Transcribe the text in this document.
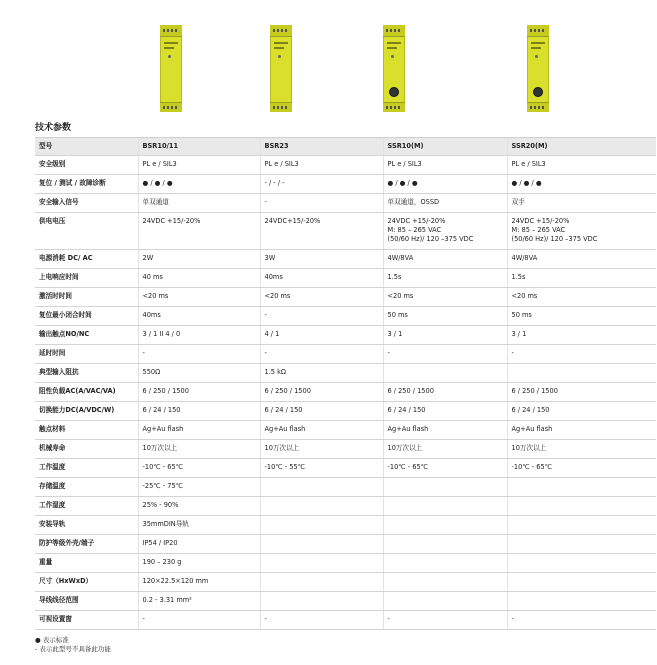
技术参数
型号	BSR10/11	BSR23	SSR10(M)	SSR20(M)
安全级别	PL e / SIL3	PL e / SIL3	PL e / SIL3	PL e / SIL3
复位 / 测试 / 故障诊断	● / ● / ●	- / - / -	● / ● / ●	● / ● / ●
安全输入信号	单双通道	-	单双通道，OSSD	双手
供电电压	24VDC +15/-20%	24VDC+15/-20%	24VDC +15/-20%
M: 85 – 265 VAC
(50/60 Hz)/ 120 –375 VDC	24VDC +15/-20%
M: 85 – 265 VAC
(50/60 Hz)/ 120 –375 VDC
电源消耗 DC/ AC	2W	3W	4W/8VA	4W/8VA
上电响应时间	40 ms	40ms	1.5s	1.5s
激活时时间	<20 ms	<20 ms	<20 ms	<20 ms
复位最小闭合时间	40ms	-	50 ms	50 ms
输出触点NO/NC	3 / 1 II 4 / 0	4 / 1	3 / 1	3 / 1
延时时间	-	-	-	-
典型输入阻抗	550Ω	1.5 kΩ		
阻性负载AC(A/VAC/VA)	6 / 250 / 1500	6 / 250 / 1500	6 / 250 / 1500	6 / 250 / 1500
切换能力DC(A/VDC/W)	6 / 24 / 150	6 / 24 / 150	6 / 24 / 150	6 / 24 / 150
触点材料	Ag+Au flash	Ag+Au flash	Ag+Au flash	Ag+Au flash
机械寿命	10万次以上	10万次以上	10万次以上	10万次以上
工作温度	-10℃ - 65℃	-10℃ - 55℃	-10℃ - 65℃	-10℃ - 65℃
存储温度	-25℃ - 75℃			
工作湿度	25% - 90%			
安装导轨	35mmDIN导轨			
防护等级外壳/端子	IP54 / IP20			
重量	190 – 230 g			
尺寸（HxWxD）	120×22.5×120 mm			
导线线径范围	0.2 - 3.31 mm²			
可视设置窗	-	-	-	-
● 表示标准
- 表示此型号不具备此功能
